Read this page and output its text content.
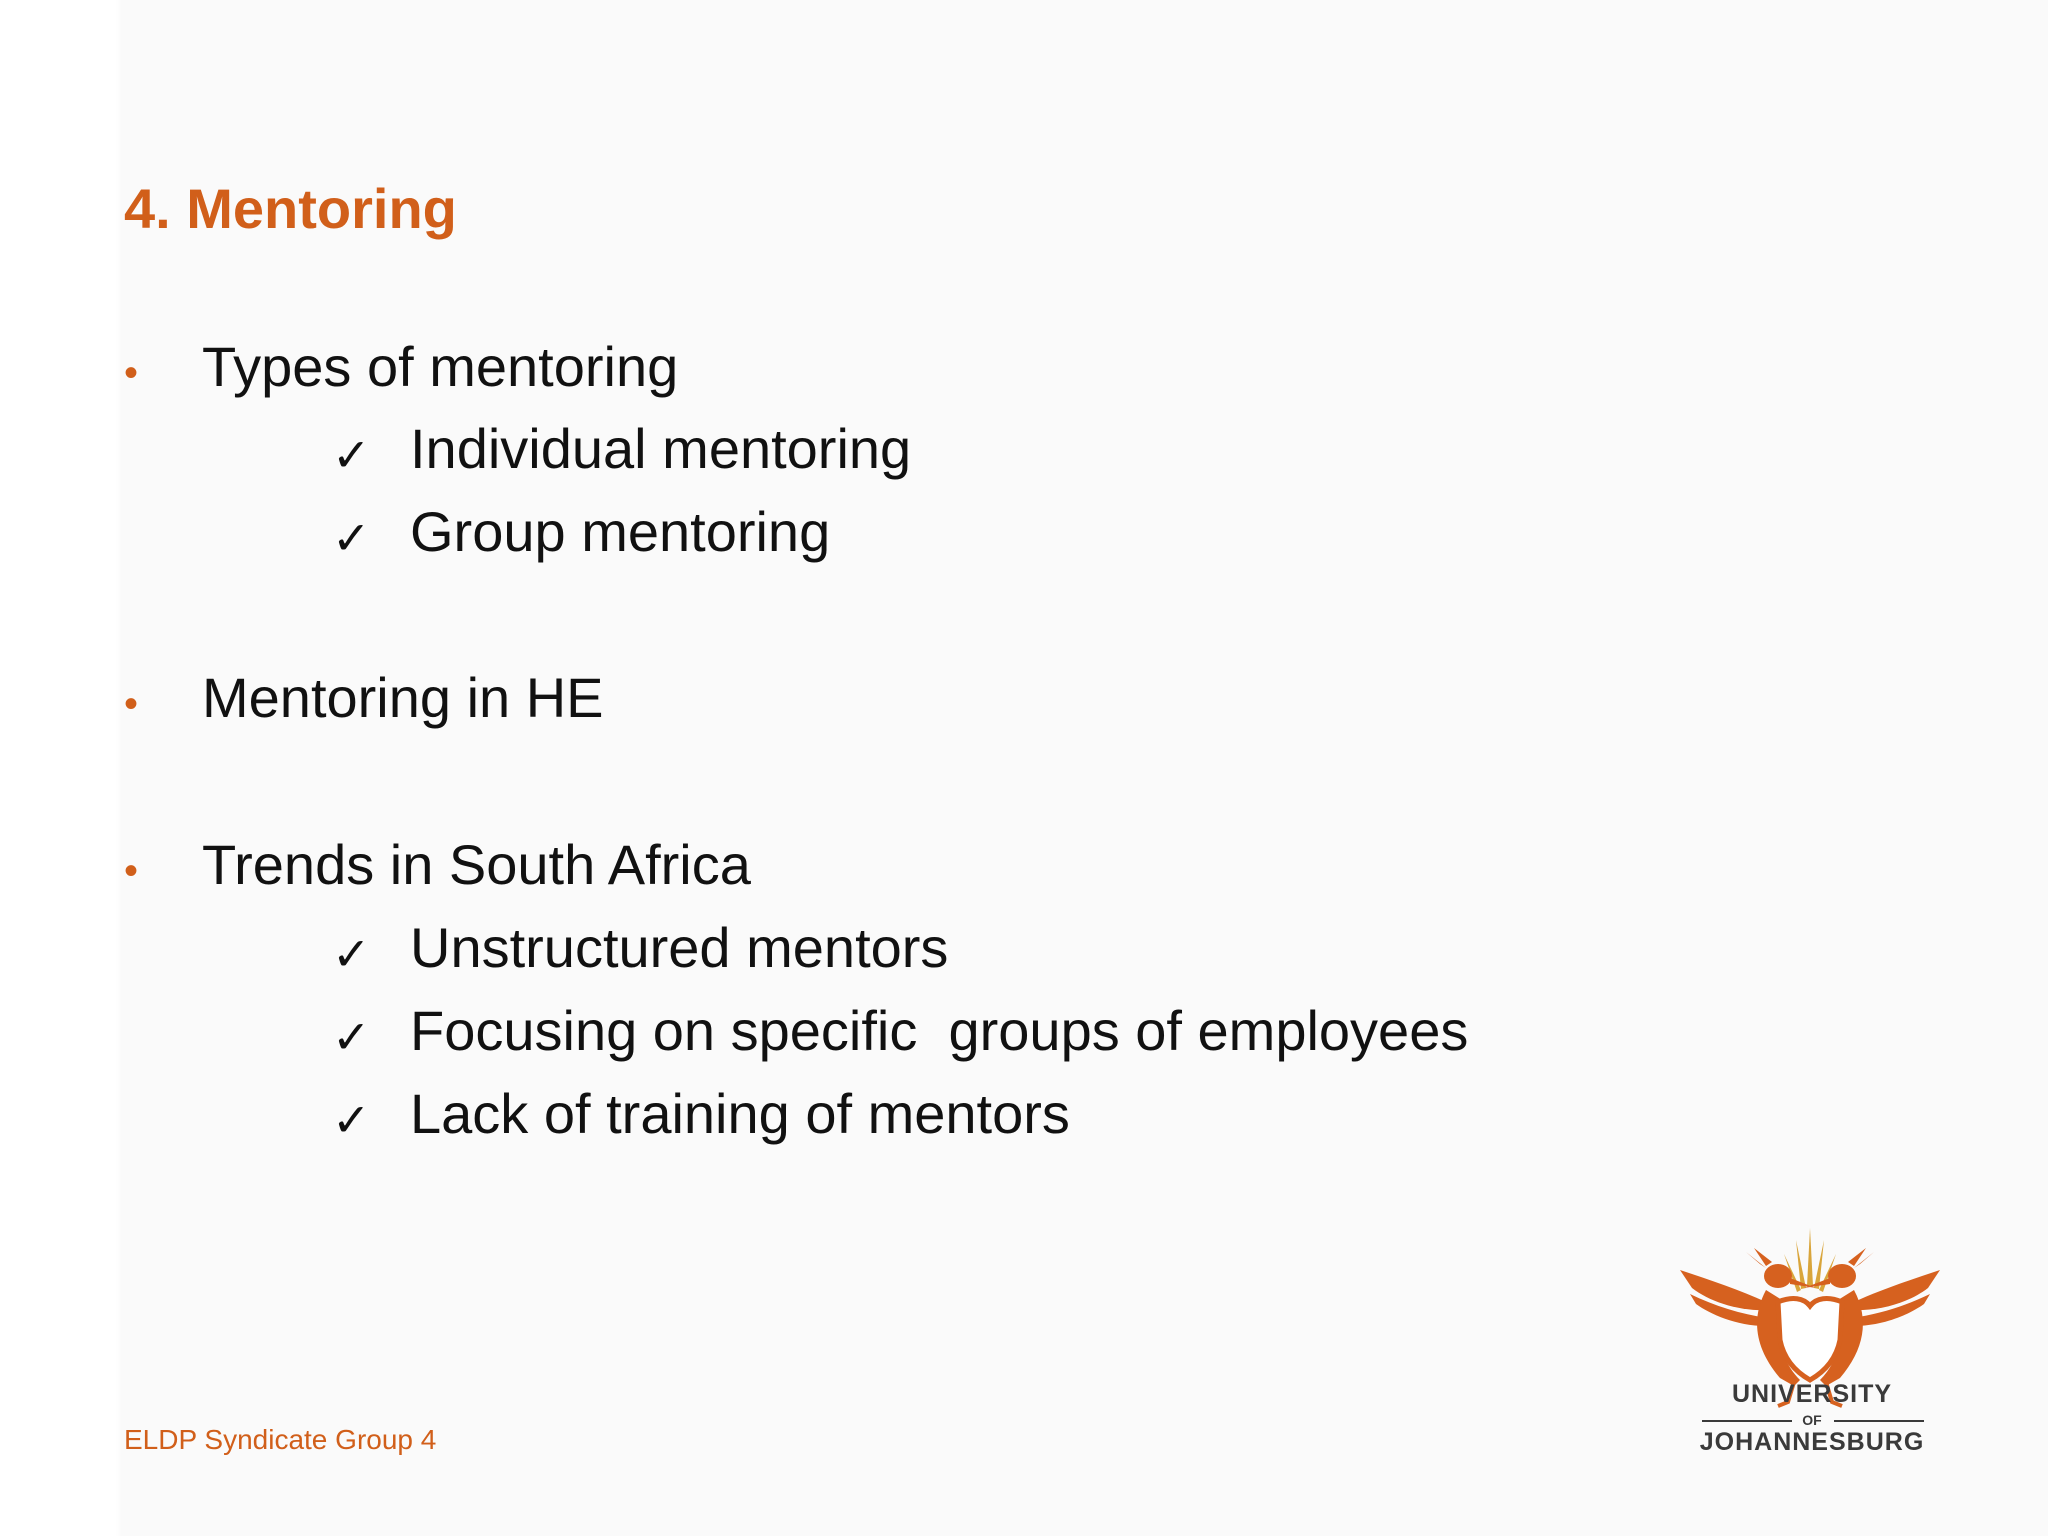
4. Mentoring
• Types of mentoring
✓ Individual mentoring
✓ Group mentoring
• Mentoring in HE
• Trends in South Africa
✓ Unstructured mentors
✓ Focusing on specific  groups of employees
✓ Lack of training of mentors
ELDP Syndicate Group 4
UNIVERSITY
OF
JOHANNESBURG
